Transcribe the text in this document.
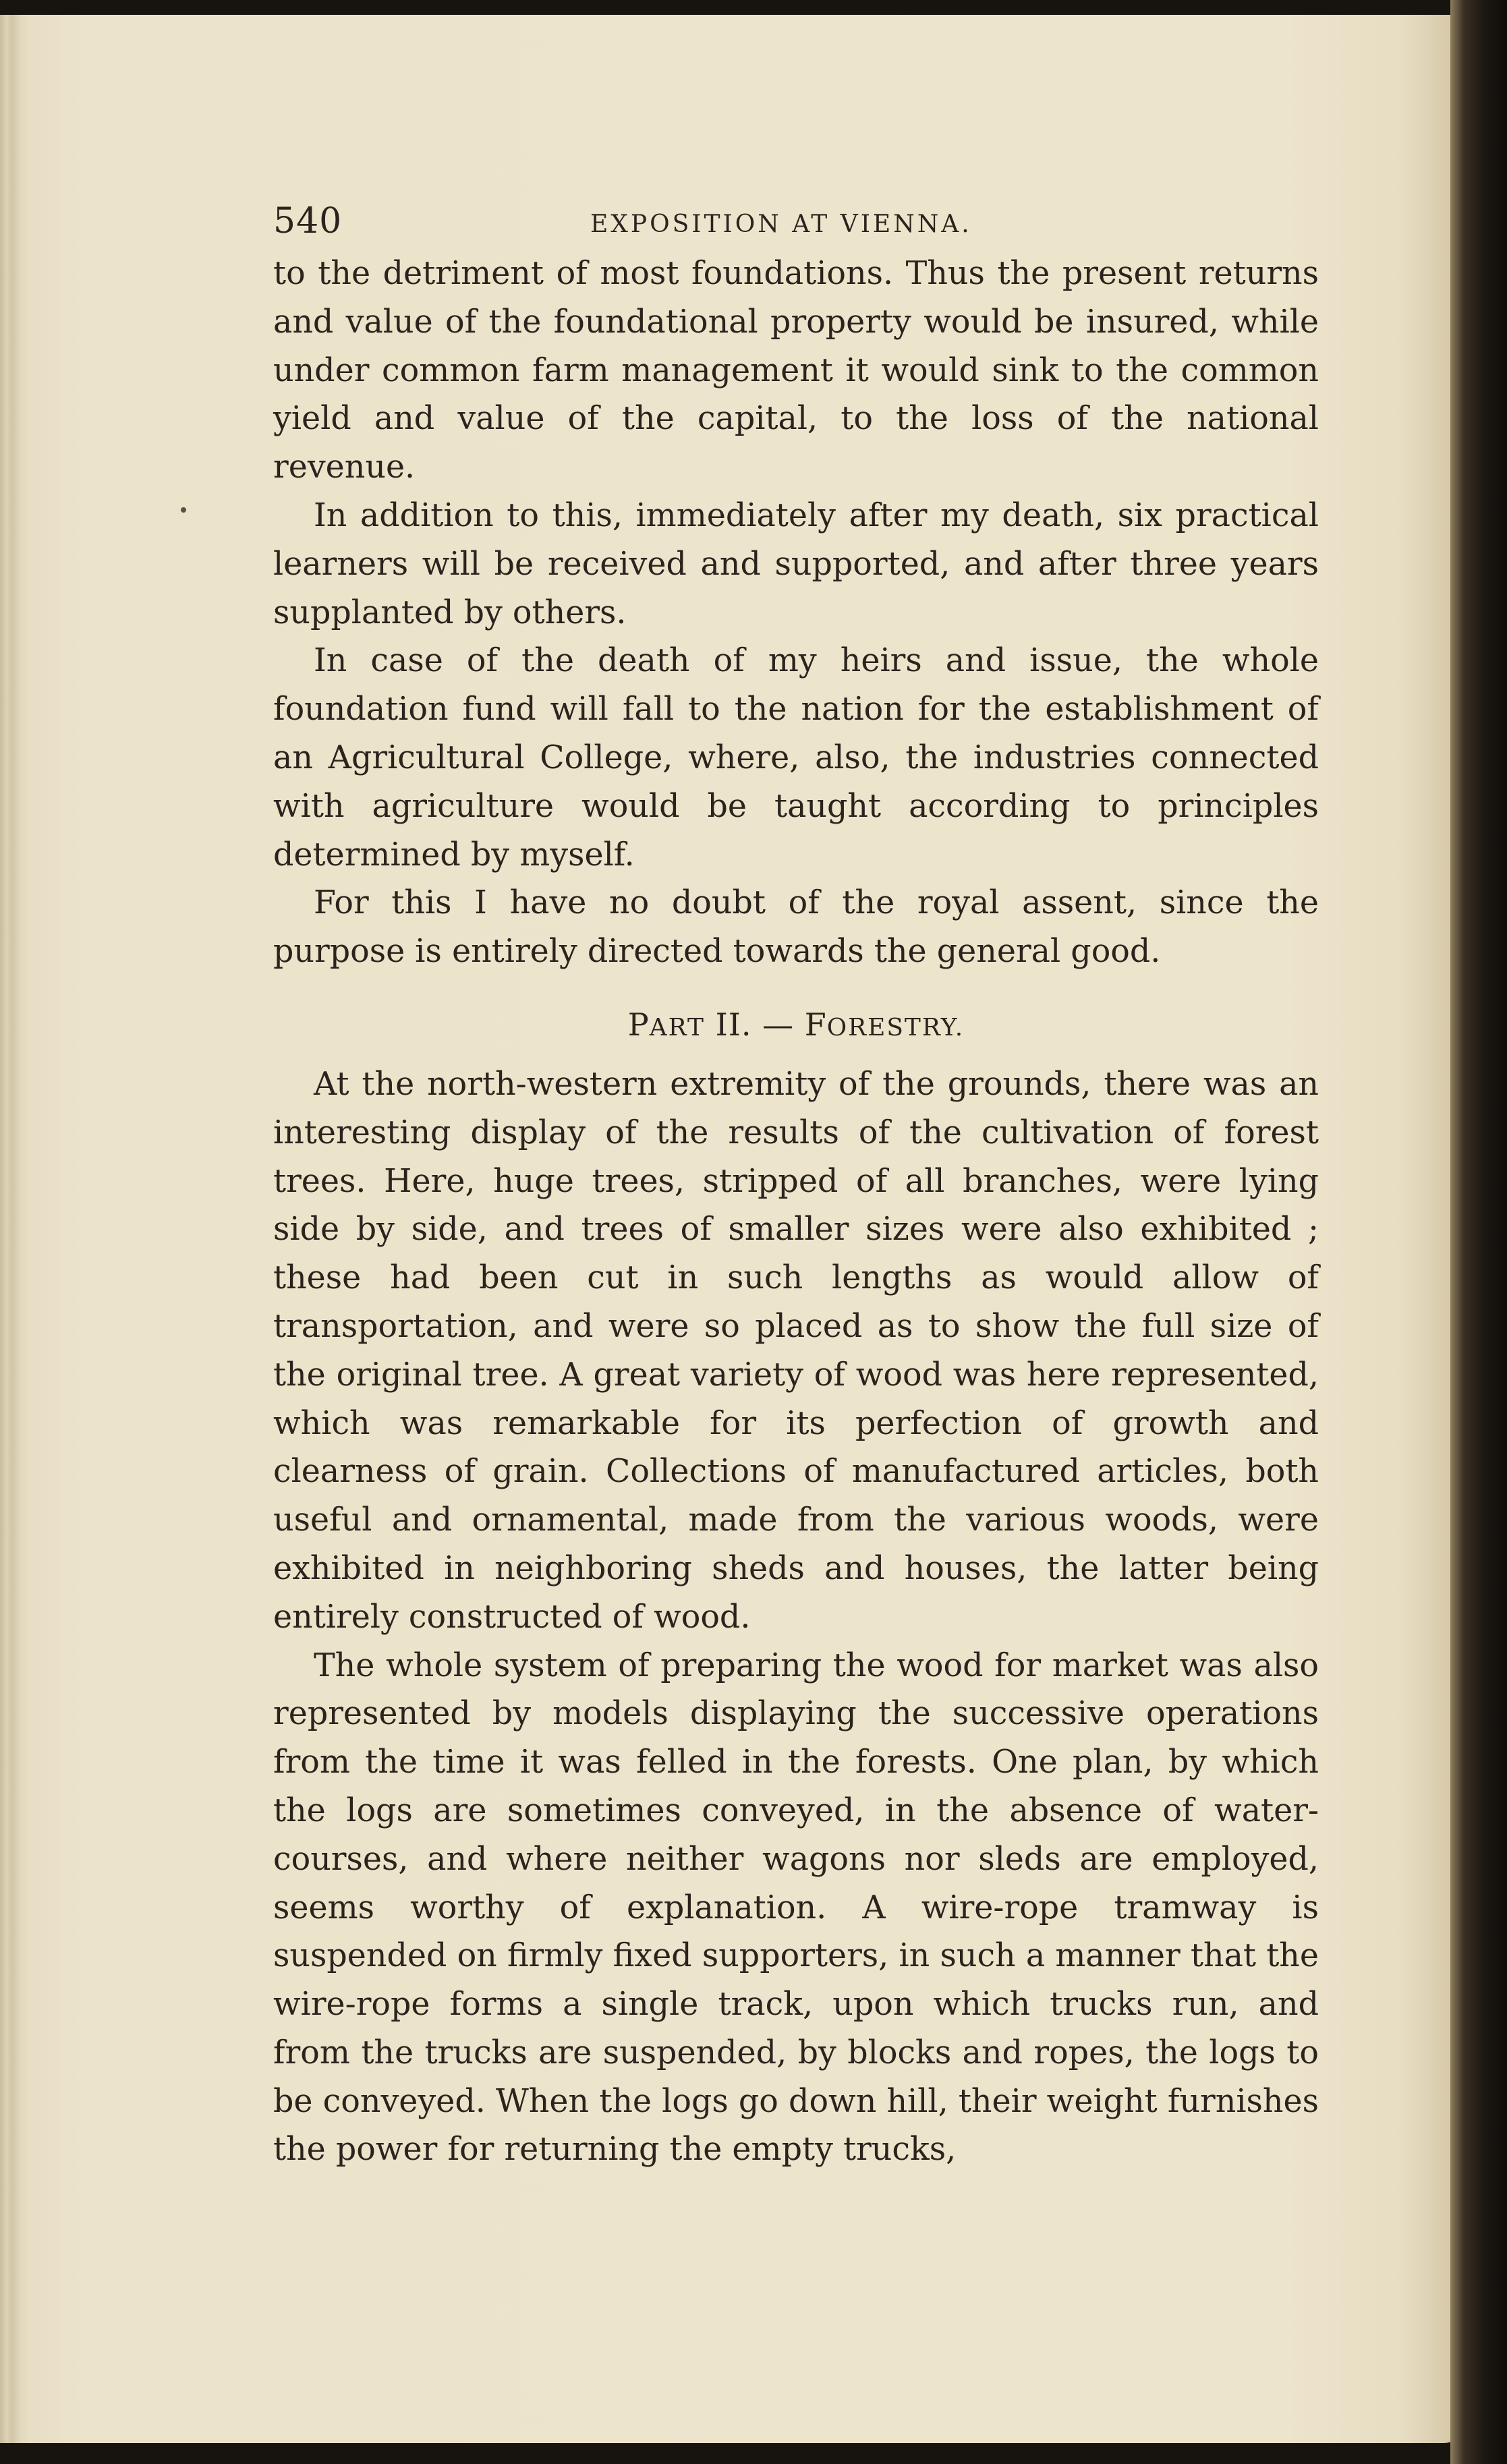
540	EXPOSITION AT VIENNA.

to the detriment of most foundations. Thus the present returns and value of the foundational property would be insured, while under common farm management it would sink to the common yield and value of the capital, to the loss of the national revenue.

In addition to this, immediately after my death, six practical learners will be received and supported, and after three years supplanted by others.

In case of the death of my heirs and issue, the whole foundation fund will fall to the nation for the establishment of an Agricultural College, where, also, the industries connected with agriculture would be taught according to principles determined by myself.

For this I have no doubt of the royal assent, since the purpose is entirely directed towards the general good.

PART II. — FORESTRY.

At the north-western extremity of the grounds, there was an interesting display of the results of the cultivation of forest trees. Here, huge trees, stripped of all branches, were lying side by side, and trees of smaller sizes were also exhibited ; these had been cut in such lengths as would allow of transportation, and were so placed as to show the full size of the original tree. A great variety of wood was here represented, which was remarkable for its perfection of growth and clearness of grain. Collections of manufactured articles, both useful and ornamental, made from the various woods, were exhibited in neighboring sheds and houses, the latter being entirely constructed of wood.

The whole system of preparing the wood for market was also represented by models displaying the successive operations from the time it was felled in the forests. One plan, by which the logs are sometimes conveyed, in the absence of water-courses, and where neither wagons nor sleds are employed, seems worthy of explanation. A wire-rope tramway is suspended on firmly fixed supporters, in such a manner that the wire-rope forms a single track, upon which trucks run, and from the trucks are suspended, by blocks and ropes, the logs to be conveyed. When the logs go down hill, their weight furnishes the power for returning the empty trucks,
